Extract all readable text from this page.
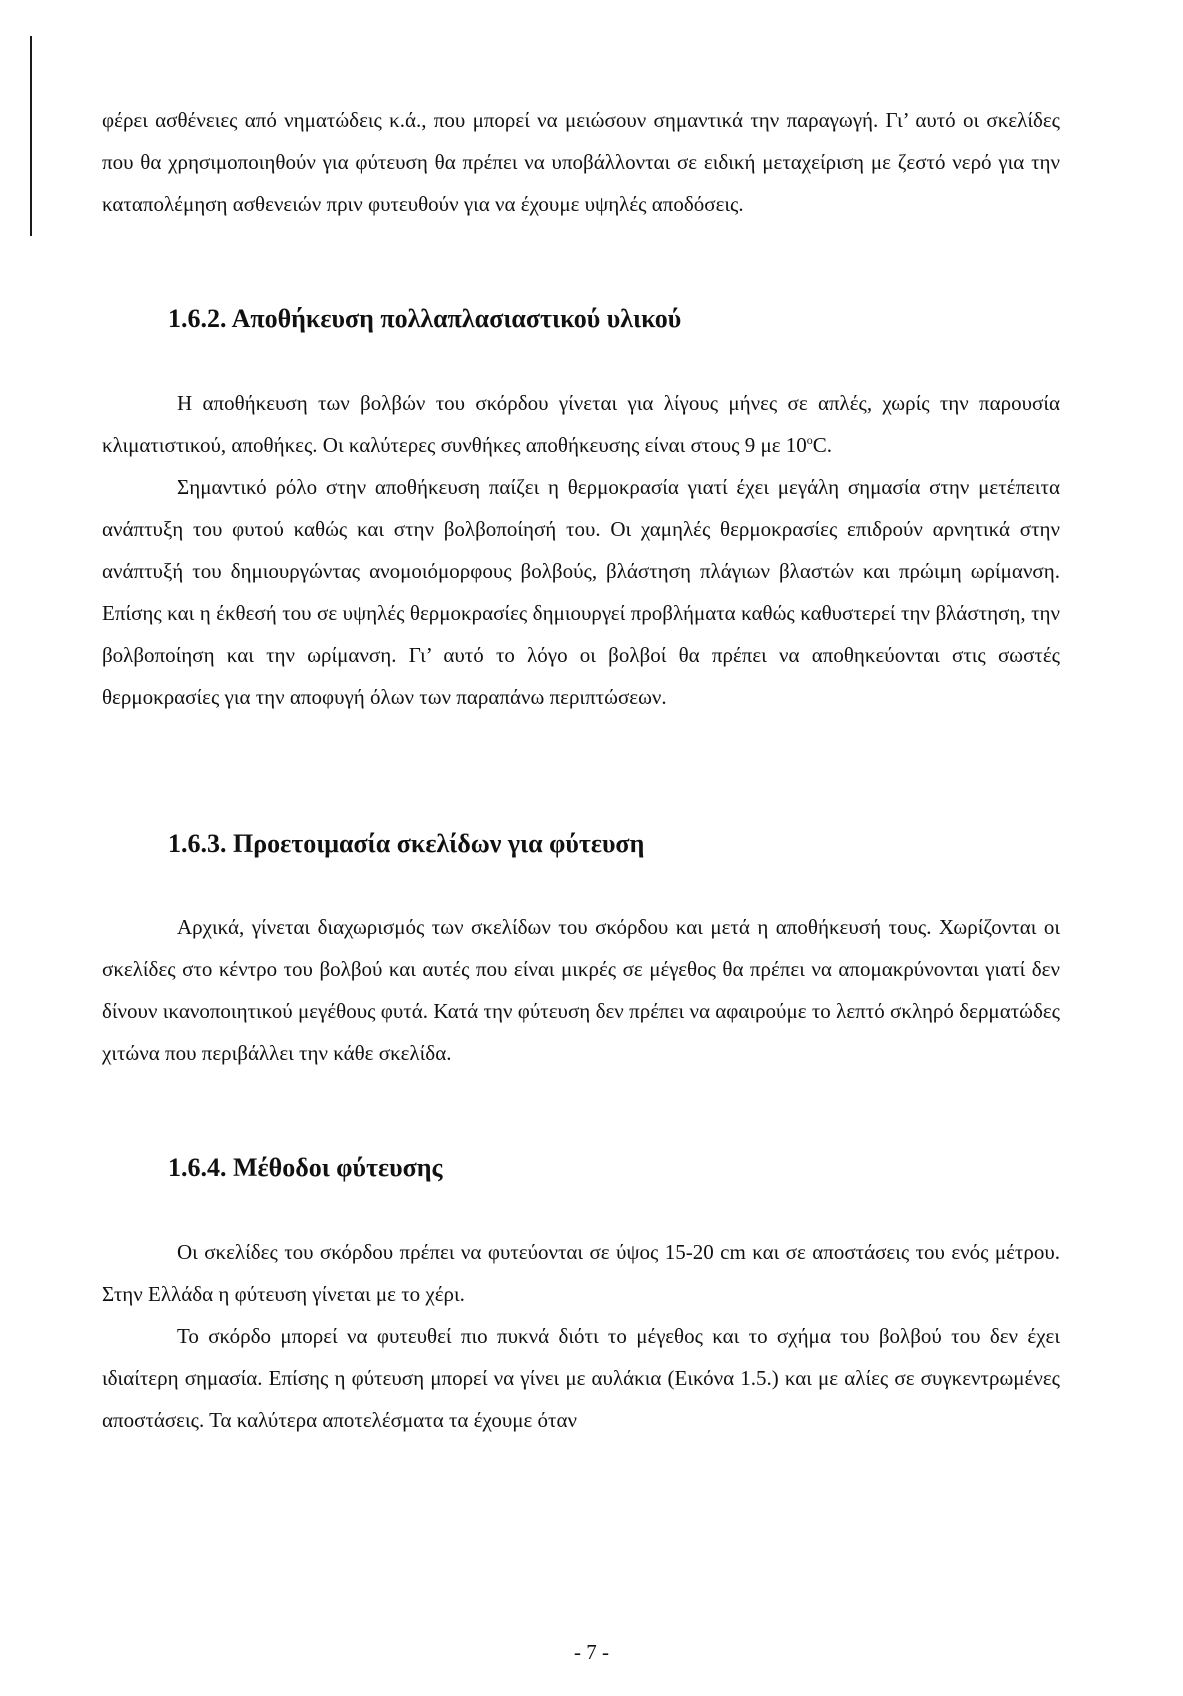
φέρει ασθένειες από νηματώδεις κ.ά., που μπορεί να μειώσουν σημαντικά την παραγωγή. Γι’ αυτό οι σκελίδες που θα χρησιμοποιηθούν για φύτευση θα πρέπει να υποβάλλονται σε ειδική μεταχείριση με ζεστό νερό για την καταπολέμηση ασθενειών πριν φυτευθούν για να έχουμε υψηλές αποδόσεις.

1.6.2. Αποθήκευση πολλαπλασιαστικού υλικού

Η αποθήκευση των βολβών του σκόρδου γίνεται για λίγους μήνες σε απλές, χωρίς την παρουσία κλιματιστικού, αποθήκες. Οι καλύτερες συνθήκες αποθήκευσης είναι στους 9 με 10$^o$C.

Σημαντικό ρόλο στην αποθήκευση παίζει η θερμοκρασία γιατί έχει μεγάλη σημασία στην μετέπειτα ανάπτυξη του φυτού καθώς και στην βολβοποίησή του. Οι χαμηλές θερμοκρασίες επιδρούν αρνητικά στην ανάπτυξή του δημιουργώντας ανομοιόμορφους βολβούς, βλάστηση πλάγιων βλαστών και πρώιμη ωρίμανση. Επίσης και η έκθεσή του σε υψηλές θερμοκρασίες δημιουργεί προβλήματα καθώς καθυστερεί την βλάστηση, την βολβοποίηση και την ωρίμανση. Γι’ αυτό το λόγο οι βολβοί θα πρέπει να αποθηκεύονται στις σωστές θερμοκρασίες για την αποφυγή όλων των παραπάνω περιπτώσεων.

1.6.3. Προετοιμασία σκελίδων για φύτευση

Αρχικά, γίνεται διαχωρισμός των σκελίδων του σκόρδου και μετά η αποθήκευσή τους. Χωρίζονται οι σκελίδες στο κέντρο του βολβού και αυτές που είναι μικρές σε μέγεθος θα πρέπει να απομακρύνονται γιατί δεν δίνουν ικανοποιητικού μεγέθους φυτά. Κατά την φύτευση δεν πρέπει να αφαιρούμε το λεπτό σκληρό δερματώδες χιτώνα που περιβάλλει την κάθε σκελίδα.

1.6.4. Μέθοδοι φύτευσης

Οι σκελίδες του σκόρδου πρέπει να φυτεύονται σε ύψος 15-20 cm και σε αποστάσεις του ενός μέτρου. Στην Ελλάδα η φύτευση γίνεται με το χέρι.

Το σκόρδο μπορεί να φυτευθεί πιο πυκνά διότι το μέγεθος και το σχήμα του βολβού του δεν έχει ιδιαίτερη σημασία. Επίσης η φύτευση μπορεί να γίνει με αυλάκια (Εικόνα 1.5.) και με αλίες σε συγκεντρωμένες αποστάσεις. Τα καλύτερα αποτελέσματα τα έχουμε όταν

- 7 -
